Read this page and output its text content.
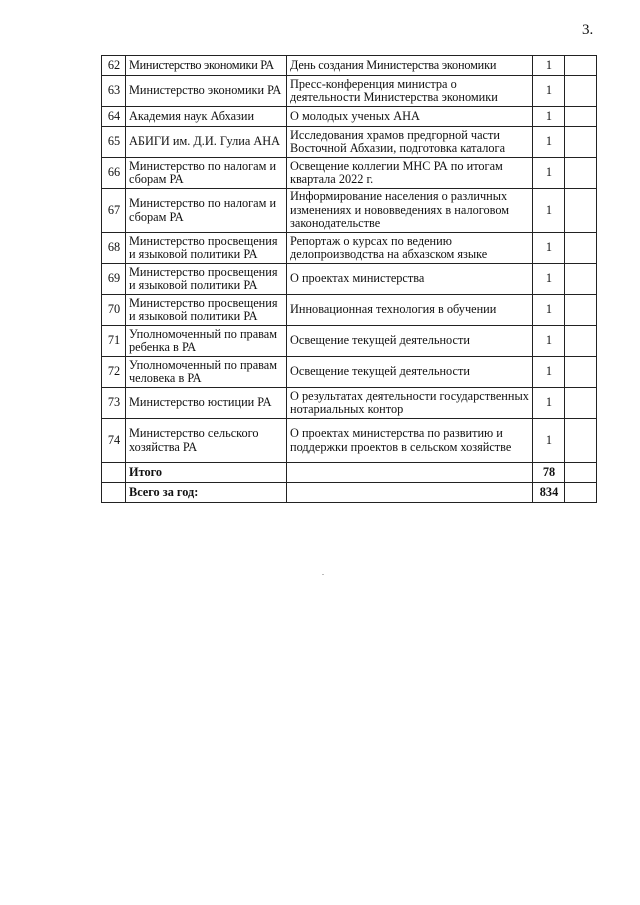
3.
62	Министерство экономики РА	День создания Министерства экономики	1	
63	Министерство экономики РА	Пресс-конференция министра о деятельности Министерства экономики	1	
64	Академия наук Абхазии	О молодых ученых АНА	1	
65	АБИГИ им. Д.И. Гулиа АНА	Исследования храмов предгорной части Восточной Абхазии, подготовка каталога	1	
66	Министерство по налогам и сборам РА	Освещение коллегии МНС РА по итогам квартала 2022 г.	1	
67	Министерство по налогам и сборам РА	Информирование населения о различных изменениях и нововведениях в налоговом законодательстве	1	
68	Министерство просвещения и языковой политики РА	Репортаж о курсах по ведению делопроизводства на абхазском языке	1	
69	Министерство просвещения и языковой политики РА	О проектах министерства	1	
70	Министерство просвещения и языковой политики РА	Инновационная технология в обучении	1	
71	Уполномоченный по правам ребенка в РА	Освещение текущей деятельности	1	
72	Уполномоченный по правам человека в РА	Освещение текущей деятельности	1	
73	Министерство юстиции РА	О результатах деятельности государственных нотариальных контор	1	
74	Министерство сельского хозяйства РА	О проектах министерства по развитию и поддержки проектов в сельском хозяйстве	1	
	Итого		78	
	Всего за год:		834	
